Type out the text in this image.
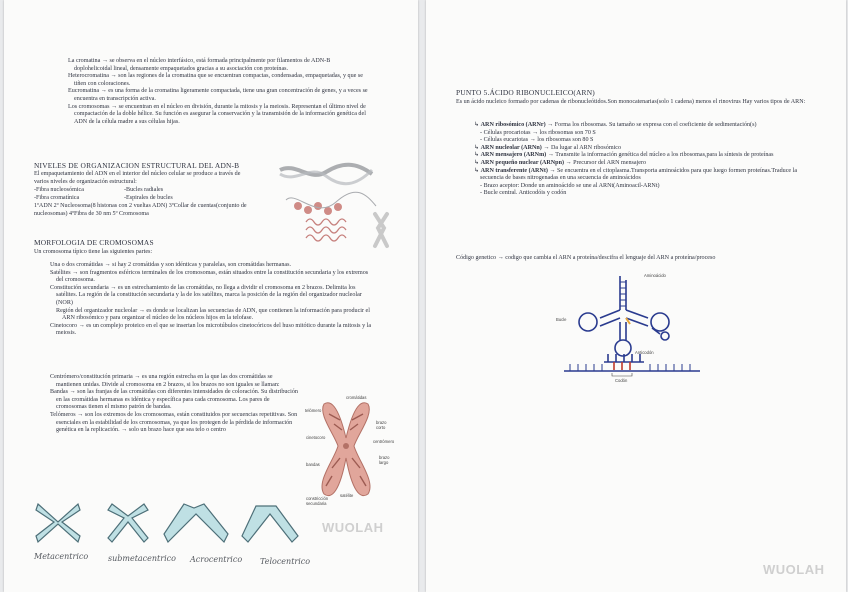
La cromatina → se observa en el núcleo interfásico, está formada principalmente por filamentos de ADN-B doplohelicoidal lineal, densamente empaquetados gracias a su asociación con proteínas.

Heterocromatina → son las regiones de la cromatina que se encuentran compactas, condensadas, empaquetadas, y que se tiñen con coloraciones.

Eucromatina → es una forma de la cromatina ligeramente compactada, tiene una gran concentración de genes, y a veces se encuentra en transcripción activa.

Los cromosomas → se encuentran en el núcleo en división, durante la mitosis y la meiosis. Representan el último nivel de compactación de la doble hélice. Su función es asegurar la conservación y la transmisión de la información genética del ADN de la célula madre a sus células hijas.

NIVELES DE ORGANIZACION ESTRUCTURAL DEL ADN-B
El empaquetamiento del ADN en el interior del núcleo celular se produce a través de varios niveles de organización estructural:
-Fibra nucleosómica	-Bucles radiales
-Fibra cromatínica	-Espirales de bucles
1ºADN 2º Nucleosoma(8 histonas con 2 vueltas ADN) 3ºCollar de cuentas(conjunto de nucleosomas) 4ºFibra de 30 nm 5º Cromosoma
MORFOLOGIA DE CROMOSOMAS
Un cromosoma típico tiene las siguientes partes:

Una o dos cromátidas → si hay 2 cromátidas y son idénticas y paralelas, son cromátidas hermanas.

Satélites → son fragmentos esféricos terminales de los cromosomas, están situados entre la constitución secundaria y los extremos del cromosoma.

Constitución secundaria → es un estrechamiento de las cromátidas, no llega a dividir el cromosoma en 2 brazos. Delimita los satélites. La región de la constitución secundaria y la de los satélites, marca la posición de la región del organizador nucleolar (NOR)

Región del organizador nucleolar → es donde se localizan las secuencias de ADN, que contienen la información para producir el ARN ribosómico y para organizar el núcleo de los núcleos hijos en la telofase.

Cinetocoro → es un complejo proteico en el que se insertan los microtúbulos cinetocóricos del huso mitótico durante la mitosis y la meiosis.

Centrómero/constitución primaria → es una región estrecha en la que las dos cromátidas se mantienen unidas. Divide al cromosoma en 2 brazos, si los brazos no son iguales se llaman:

Bandas → son las franjas de las cromátidas con diferentes intensidades de coloración. Su distribución en las cromátidas hermanas es idéntica y específica para cada cromosoma. Los pares de cromosomas tienen el mismo patrón de bandas.

Telómeros → son los extremos de los cromosomas, están constituidos por secuencias repetitivas. Son esenciales en la estabilidad de los cromosomas, ya que los protegen de la pérdida de información genética en la replicación. → solo un brazo hace que sea telo o centro

cromátidas
telómero
brazo corto
cinetocoro
centrómero
bandas
brazo largo
constricción secundaria
satélite
Metacentrico submetacentrico Acrocentrico Telocentrico
WUOLAH
PUNTO 5.ÁCIDO RIBONUCLEICO(ARN)
Es un ácido nucleico formado por cadenas de ribonucleótidos.Son monocatenarias(solo 1 cadena) menos el rinovirus Hay varios tipos de ARN:

↳ ARN ribosómico (ARNr) → Forma los ribosomas. Su tamaño se expresa con el coeficiente de sedimentación(s)

- Células procariotas → los ribosomas son 70 S

- Células eucariotas → los ribosomas son 80 S

↳ ARN nucleolar (ARNn) → Da lugar al ARN ribosómico

↳ ARN mensajero (ARNm) → Transmite la información genética del núcleo a los ribosomas,para la síntesis de proteínas

↳ ARN pequeño nuclear (ARNpn) → Precursor del ARN mensajero

↳ ARN transferente (ARNt) → Se encuentra en el citoplasma.Transporta aminoácidos para que luego formen proteínas.Traduce la secuencia de bases nitrogenadas en una secuencia de aminoácidos

- Brazo aceptor: Donde un aminoácido se une al ARNt(Aminoacil-ARNt)

- Bucle central. Anticodóis y codón

Código genetico → codigo que cambia el ARN a proteína/descifra el lenguaje del ARN a proteína/proceso
Aminoácido
Bucle
Anticodón
Codón
WUOLAH
